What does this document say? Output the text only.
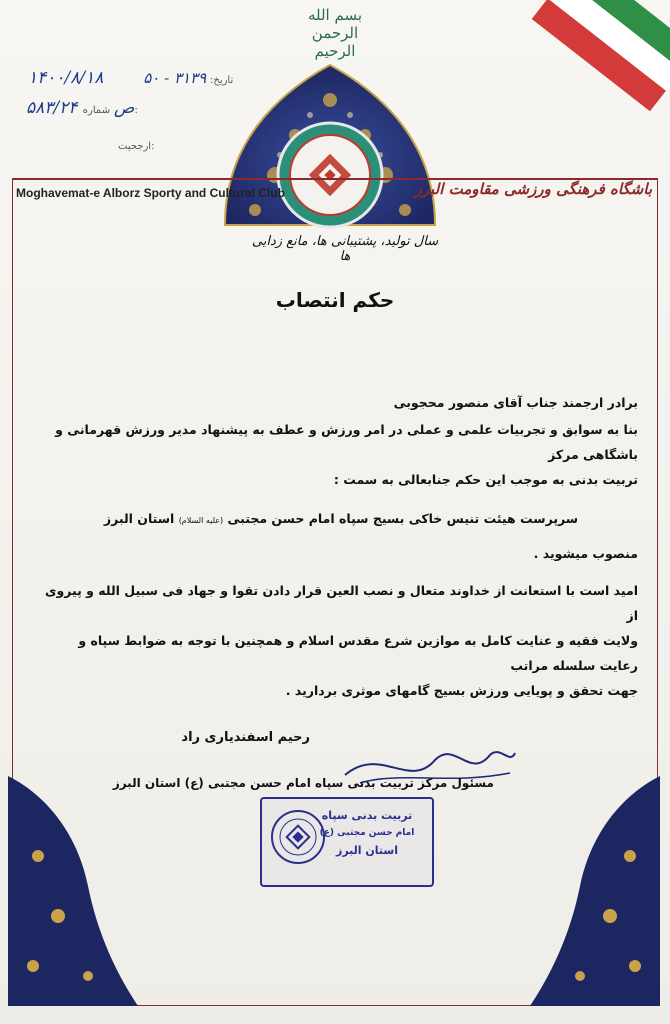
بسم الله الرحمن الرحیم
۱۴۰۰/۸/۱۸	تاریخ: ۳۱۳۹ - ۵۰
۵۸۳/۲۴ ص شماره:
ارجحیت:
Moghavemat-e Alborz Sporty and Cultural Club	باشگاه فرهنگی ورزشی مقاومت البرز
سال تولید، پشتیبانی ها، مانع زدایی ها
حکم انتصاب

برادر ارجمند جناب آقای منصور محجوبی

بنا به سوابق و تجربیات علمی و عملی در امر ورزش و عطف به پیشنهاد مدیر ورزش قهرمانی و باشگاهی مرکز

تربیت بدنی به موجب این حکم جنابعالی به سمت :

سرپرست هیئت تنیس خاکی بسیج سپاه امام حسن مجتبی (علیه السلام) استان البرز

منصوب میشوید .

امید است با استعانت از خداوند متعال و نصب العین قرار دادن تقوا و جهاد فی سبیل الله و پیروی از

ولایت فقیه و عنایت کامل به موازین شرع مقدس اسلام و همچنین با توجه به ضوابط سپاه و رعایت سلسله مراتب

جهت تحقق و پویایی ورزش بسیج گامهای موثری بردارید .

رحیم اسفندیاری راد
مسئول مرکز تربیت بدنی سپاه امام حسن مجتبی (ع) استان البرز
تربیت بدنی سپاه
امام حسن مجتبی (ع)
استان البرز
